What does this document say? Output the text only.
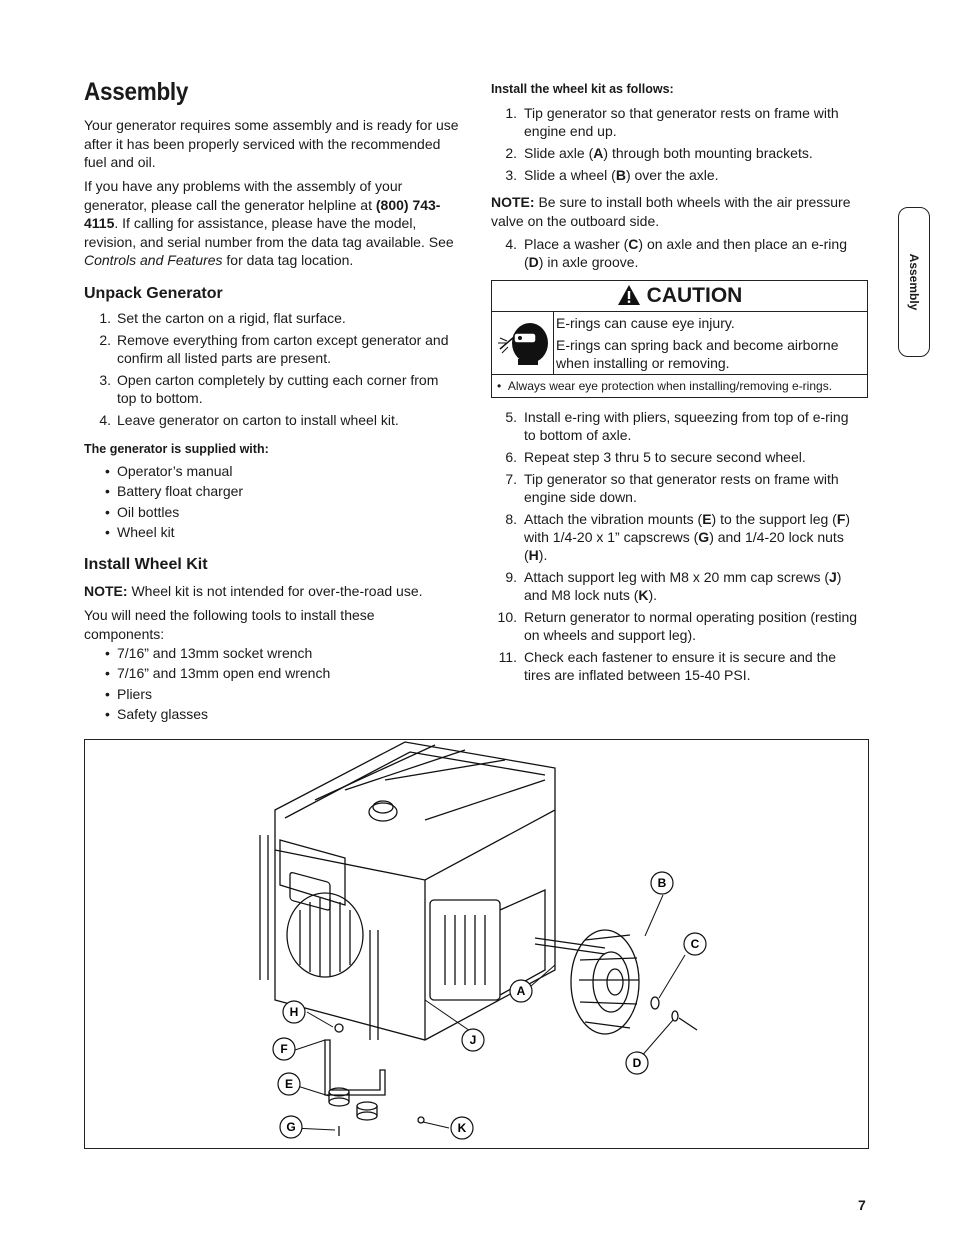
Assembly

Your generator requires some assembly and is ready for use after it has been properly serviced with the recommended fuel and oil.

If you have any problems with the assembly of your generator, please call the generator helpline at (800) 743-4115. If calling for assistance, please have the model, revision, and serial number from the data tag available. See Controls and Features for data tag location.

Unpack Generator
1. Set the carton on a rigid, flat surface.
2. Remove everything from carton except generator and confirm all listed parts are present.
3. Open carton completely by cutting each corner from top to bottom.
4. Leave generator on carton to install wheel kit.

The generator is supplied with:

• Operator’s manual
• Battery float charger
• Oil bottles
• Wheel kit
Install Wheel Kit

NOTE: Wheel kit is not intended for over-the-road use.

You will need the following tools to install these components:

• 7/16” and 13mm socket wrench
• 7/16” and 13mm open end wrench
• Pliers
• Safety glasses

Install the wheel kit as follows:

1. Tip generator so that generator rests on frame with engine end up.
2. Slide axle (A) through both mounting brackets.
3. Slide a wheel (B) over the axle.

NOTE: Be sure to install both wheels with the air pressure valve on the outboard side.

4. Place a washer (C) on axle and then place an e-ring (D) in axle groove.
CAUTION
E-rings can cause eye injury.
E-rings can spring back and become airborne when installing or removing.
•  Always wear eye protection when installing/removing e-rings.
5. Install e-ring with pliers, squeezing from top of e-ring to bottom of axle.
6. Repeat step 3 thru 5 to secure second wheel.
7. Tip generator so that generator rests on frame with engine side down.
8. Attach the vibration mounts (E) to the support leg (F) with 1/4-20 x 1” capscrews (G) and 1/4-20 lock nuts (H).
9. Attach support leg with M8 x 20 mm cap screws (J) and M8 lock nuts (K).
10. Return generator to normal operating position (resting on wheels and support leg).
11. Check each fastener to ensure it is secure and the tires are inflated between 15-40 PSI.
Assembly
B
C
A
D
H
J
F
E
G	K
7
